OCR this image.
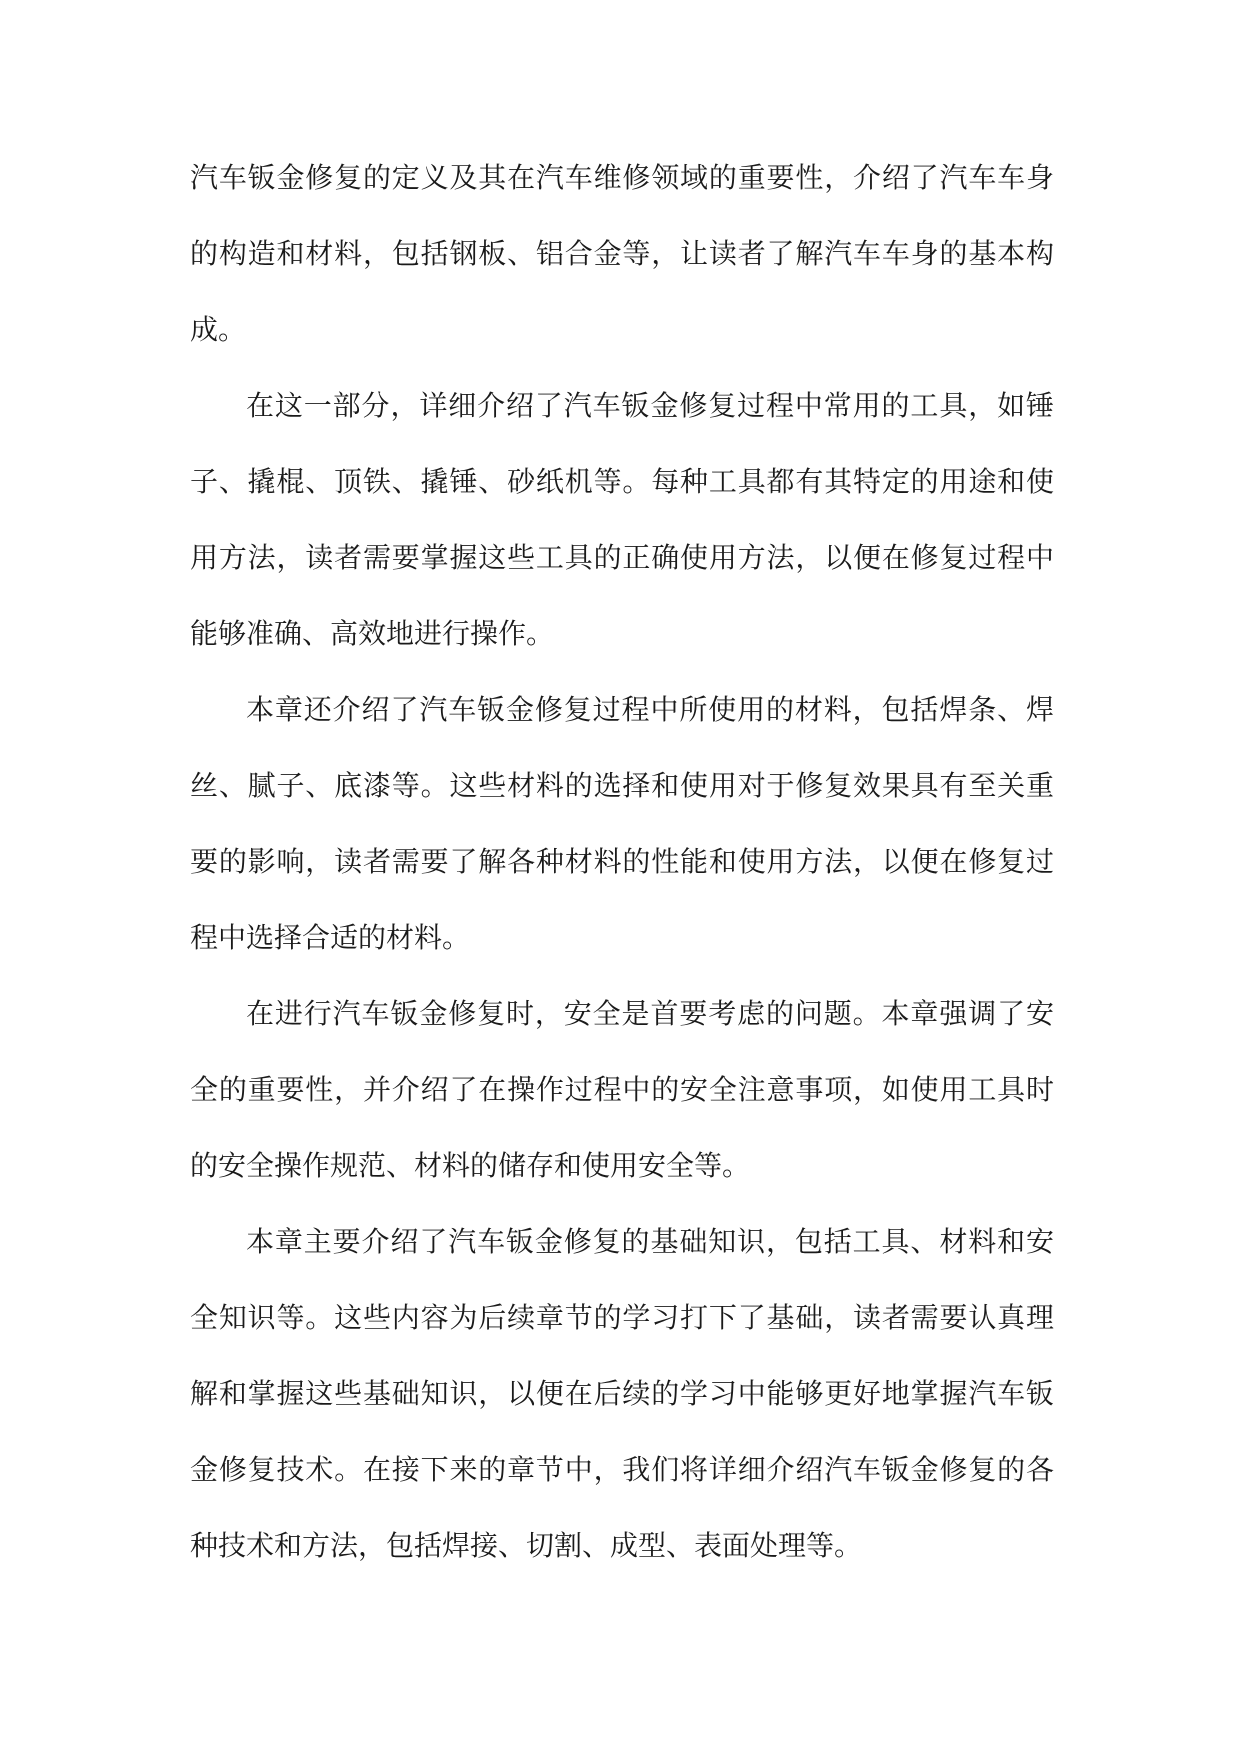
汽车钣金修复的定义及其在汽车维修领域的重要性，介绍了汽车车身的构造和材料，包括钢板、铝合金等，让读者了解汽车车身的基本构成。

在这一部分，详细介绍了汽车钣金修复过程中常用的工具，如锤子、撬棍、顶铁、撬锤、砂纸机等。每种工具都有其特定的用途和使用方法，读者需要掌握这些工具的正确使用方法，以便在修复过程中能够准确、高效地进行操作。

本章还介绍了汽车钣金修复过程中所使用的材料，包括焊条、焊丝、腻子、底漆等。这些材料的选择和使用对于修复效果具有至关重要的影响，读者需要了解各种材料的性能和使用方法，以便在修复过程中选择合适的材料。

在进行汽车钣金修复时，安全是首要考虑的问题。本章强调了安全的重要性，并介绍了在操作过程中的安全注意事项，如使用工具时的安全操作规范、材料的储存和使用安全等。

本章主要介绍了汽车钣金修复的基础知识，包括工具、材料和安全知识等。这些内容为后续章节的学习打下了基础，读者需要认真理解和掌握这些基础知识，以便在后续的学习中能够更好地掌握汽车钣金修复技术。在接下来的章节中，我们将详细介绍汽车钣金修复的各种技术和方法，包括焊接、切割、成型、表面处理等。
